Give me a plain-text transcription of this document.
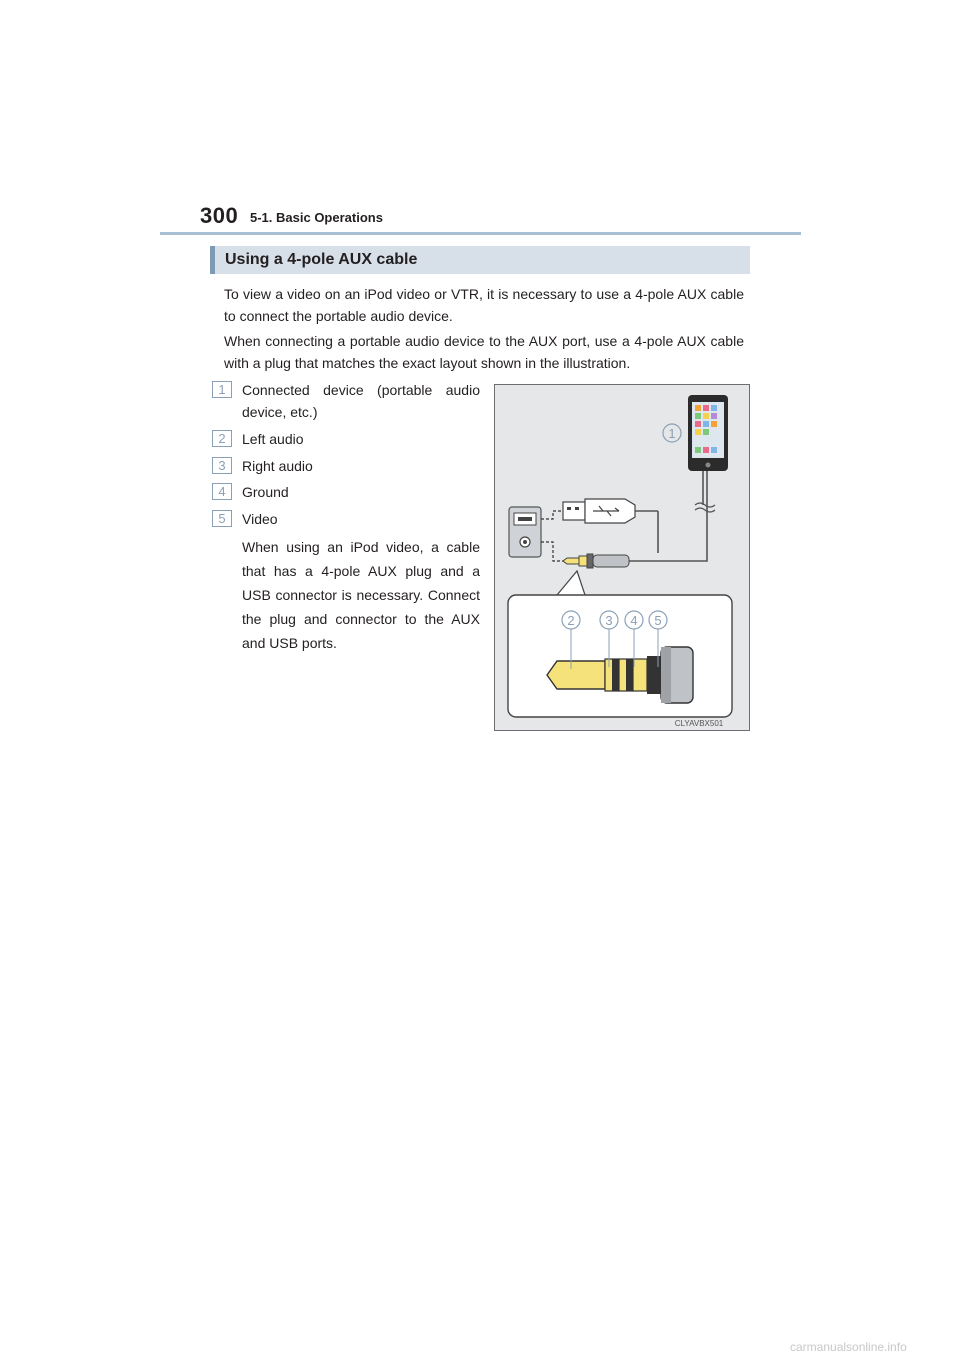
300 5-1. Basic Operations
Using a 4-pole AUX cable

To view a video on an iPod video or VTR, it is necessary to use a 4-pole AUX cable to connect the portable audio device.

When connecting a portable audio device to the AUX port, use a 4-pole AUX cable with a plug that matches the exact layout shown in the illustration.

1	Connected device (portable audio device, etc.)
2	Left audio
3	Right audio
4	Ground
5	Video

When using an iPod video, a cable that has a 4-pole AUX plug and a USB connector is necessary. Connect the plug and connector to the AUX and USB ports.

1
2 3 4 5
CLYAVBX501
carmanualsonline.info
